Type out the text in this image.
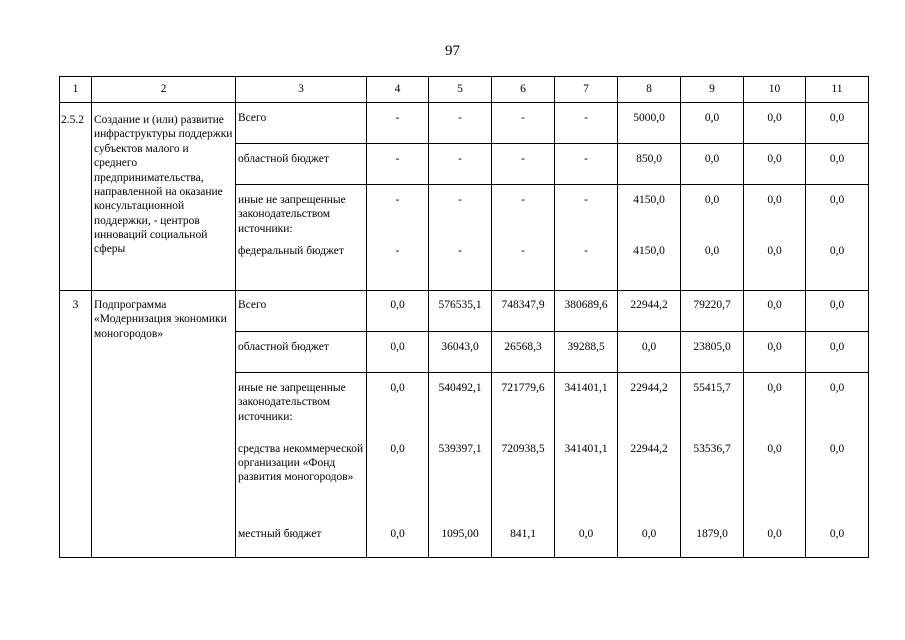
97
1	2	3	4	5	6	7	8	9	10	11

2.5.2	Создание и (или) развитие инфраструктуры поддержки субъектов малого и среднего предпринимательства, направленной на оказание консультационной поддержки, - центров инноваций социальной сферы	Всего	-	-	-	-	5000,0	0,0	0,0	0,0

		областной бюджет	-	-	-	-	850,0	0,0	0,0	0,0

		иные не запрещенные законодательством источники:	-	-	-	-	4150,0	0,0	0,0	0,0

		федеральный бюджет	-	-	-	-	4150,0	0,0	0,0	0,0

3	Подпрограмма «Модернизация экономики моногородов»	Всего	0,0	576535,1	748347,9	380689,6	22944,2	79220,7	0,0	0,0

		областной бюджет	0,0	36043,0	26568,3	39288,5	0,0	23805,0	0,0	0,0

		иные не запрещенные законодательством источники:	0,0	540492,1	721779,6	341401,1	22944,2	55415,7	0,0	0,0

		средства некоммерческой организации «Фонд развития моногородов»	0,0	539397,1	720938,5	341401,1	22944,2	53536,7	0,0	0,0

		местный бюджет	0,0	1095,00	841,1	0,0	0,0	1879,0	0,0	0,0
